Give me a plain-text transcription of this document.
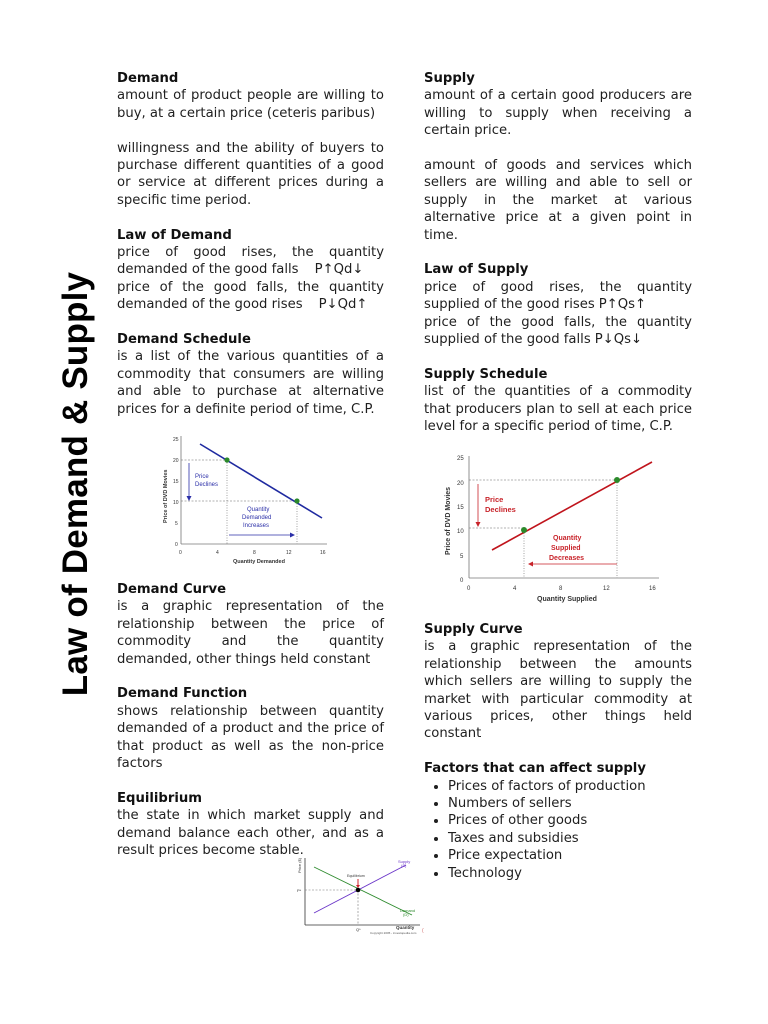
Law of Demand & Supply
Demand

amount of product people are willing to buy, at a certain price (ceteris paribus)

willingness and the ability of buyers to purchase different quantities of a good or service at different prices during a specific time period.

Law of Demand
price of good rises, the quantity
demanded of the good falls P↑Qd↓
price of the good falls, the quantity
demanded of the good rises P↓Qd↑
Demand Schedule

is a list of the various quantities of a commodity that consumers are willing and able to purchase at alternative prices for a definite period of time, C.P.

25
20
15
10
5
0
0	4	8	12	16
Quantity Demanded
Price of DVD Movies	Price
Declines
Quantity
Demanded
Increases
Demand Curve

is a graphic representation of the relationship between the price of commodity and the quantity demanded, other things held constant

Demand Function

shows relationship between quantity demanded of a product and the price of that product as well as the non-price factors

Equilibrium

the state in which market supply and demand balance each other, and as a result prices become stable.

Price ($)
P*
Q*	Quantity
Copyright 2005 - investopedia.com
Equilibrium
Supply
(S)
Demand
(D)
(
Supply

amount of a certain good producers are willing to supply when receiving a certain price.

amount of goods and services which sellers are willing and able to sell or supply in the market at various alternative price at a given point in time.

Law of Supply
price of good rises, the quantity
supplied of the good rises P↑Qs↑
price of the good falls, the quantity
supplied of the good falls P↓Qs↓
Supply Schedule

list of the quantities of a commodity that producers plan to sell at each price level for a specific period of time, C.P.

25
20
15
10
5
0
0	4	8	12	16
Quantity Supplied
Price of DVD Movies	Price
Declines
Quantity
Supplied
Decreases
Supply Curve

is a graphic representation of the relationship between the amounts which sellers are willing to supply the market with particular commodity at various prices, other things held constant

Factors that can affect supply
• Prices of factors of production
• Numbers of sellers
• Prices of other goods
• Taxes and subsidies
• Price expectation
• Technology
